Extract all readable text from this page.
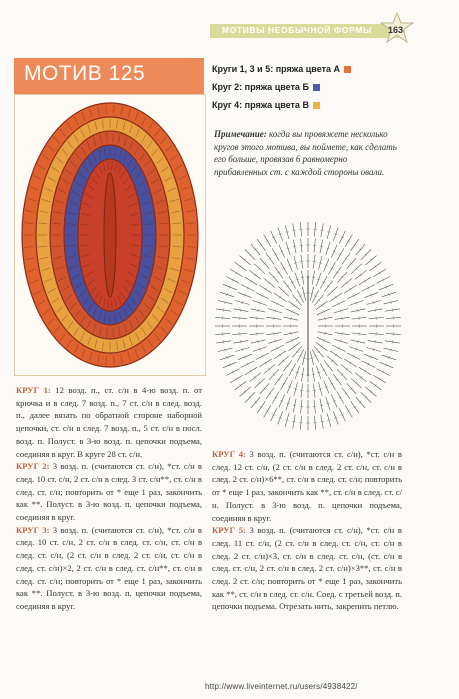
МОТИВЫ НЕОБЫЧНОЙ ФОРМЫ 163
МОТИВ 125	Круги 1, 3 и 5: пряжа цвета А
Круг 2: пряжа цвета Б
Круг 4: пряжа цвета В
Примечание: когда вы провяжете несколько кругов этого мотива, вы поймете, как сделать его больше, провязав 6 равномерно прибавленных ст. с каждой стороны овала.

КРУГ 1: 12 возд. п., ст. с/н в 4-ю возд. п. от крючка и в след. 7 возд. п., 7 ст. с/н в след. возд. п., далее вязать по обратной стороне наборной цепочки, ст. с/н в след. 7 возд. п., 5 ст. с/н в посл. возд. п. Полуст. в 3-ю возд. п. цепочки подъема, соединяя в круг. В круге 28 ст. с/н.

КРУГ 2: 3 возд. п. (считаются ст. с/н), *ст. с/н в след. 10 ст. с/н, 2 ст. с/н в след. 3 ст. с/н**, ст. с/н в след. ст. с/н; повторить от * еще 1 раз, закончить как **. Полуст. в 3-ю возд. п. цепочки подъема, соединяя в круг.

КРУГ 3: 3 возд. п. (считаются ст. с/н), *ст. с/н в след. 10 ст. с/н, 2 ст. с/н в след. ст. с/н, ст. с/н в след. ст. с/н, (2 ст. с/н в след. 2 ст. с/н, ст. с/н в след. ст. с/н)×2, 2 ст. с/н в след. ст. с/н**, ст. с/н в след. ст. с/н; повторить от * еще 1 раз, закончить как **. Полуст. в 3-ю возд. п. цепочки подъема, соединяя в круг.

КРУГ 4: 3 возд. п. (считаются ст. с/н), *ст. с/н в след. 12 ст. с/н, (2 ст. с/н в след. 2 ст. с/н, ст. с/н в след. 2 ст. с/н)×6**, ст. с/н в след. ст. с/н; повторить от * еще 1 раз, закончить как **, ст. с/н в след. ст. с/н. Полуст. в 3-ю возд. п. цепочки подъема, соединяя в круг.

КРУГ 5: 3 возд. п. (считаются ст. с/н), *ст. с/н в след. 11 ст. с/н, (2 ст. с/н в след. ст. с/н, ст. с/н в след. 2 ст. с/н)×3, ст. с/н в след. ст. с/н, (ст. с/н в след. ст. с/н, 2 ст. с/н в след. 2 ст. с/н)×3**, ст. с/н в след. 2 ст. с/н; повторить от * еще 1 раз, закончить как **, ст. с/н в след. ст. с/н. Соед. с третьей возд. п. цепочки подъема. Отрезать нить, закрепить петлю.

http://www.liveinternet.ru/users/4938422/
